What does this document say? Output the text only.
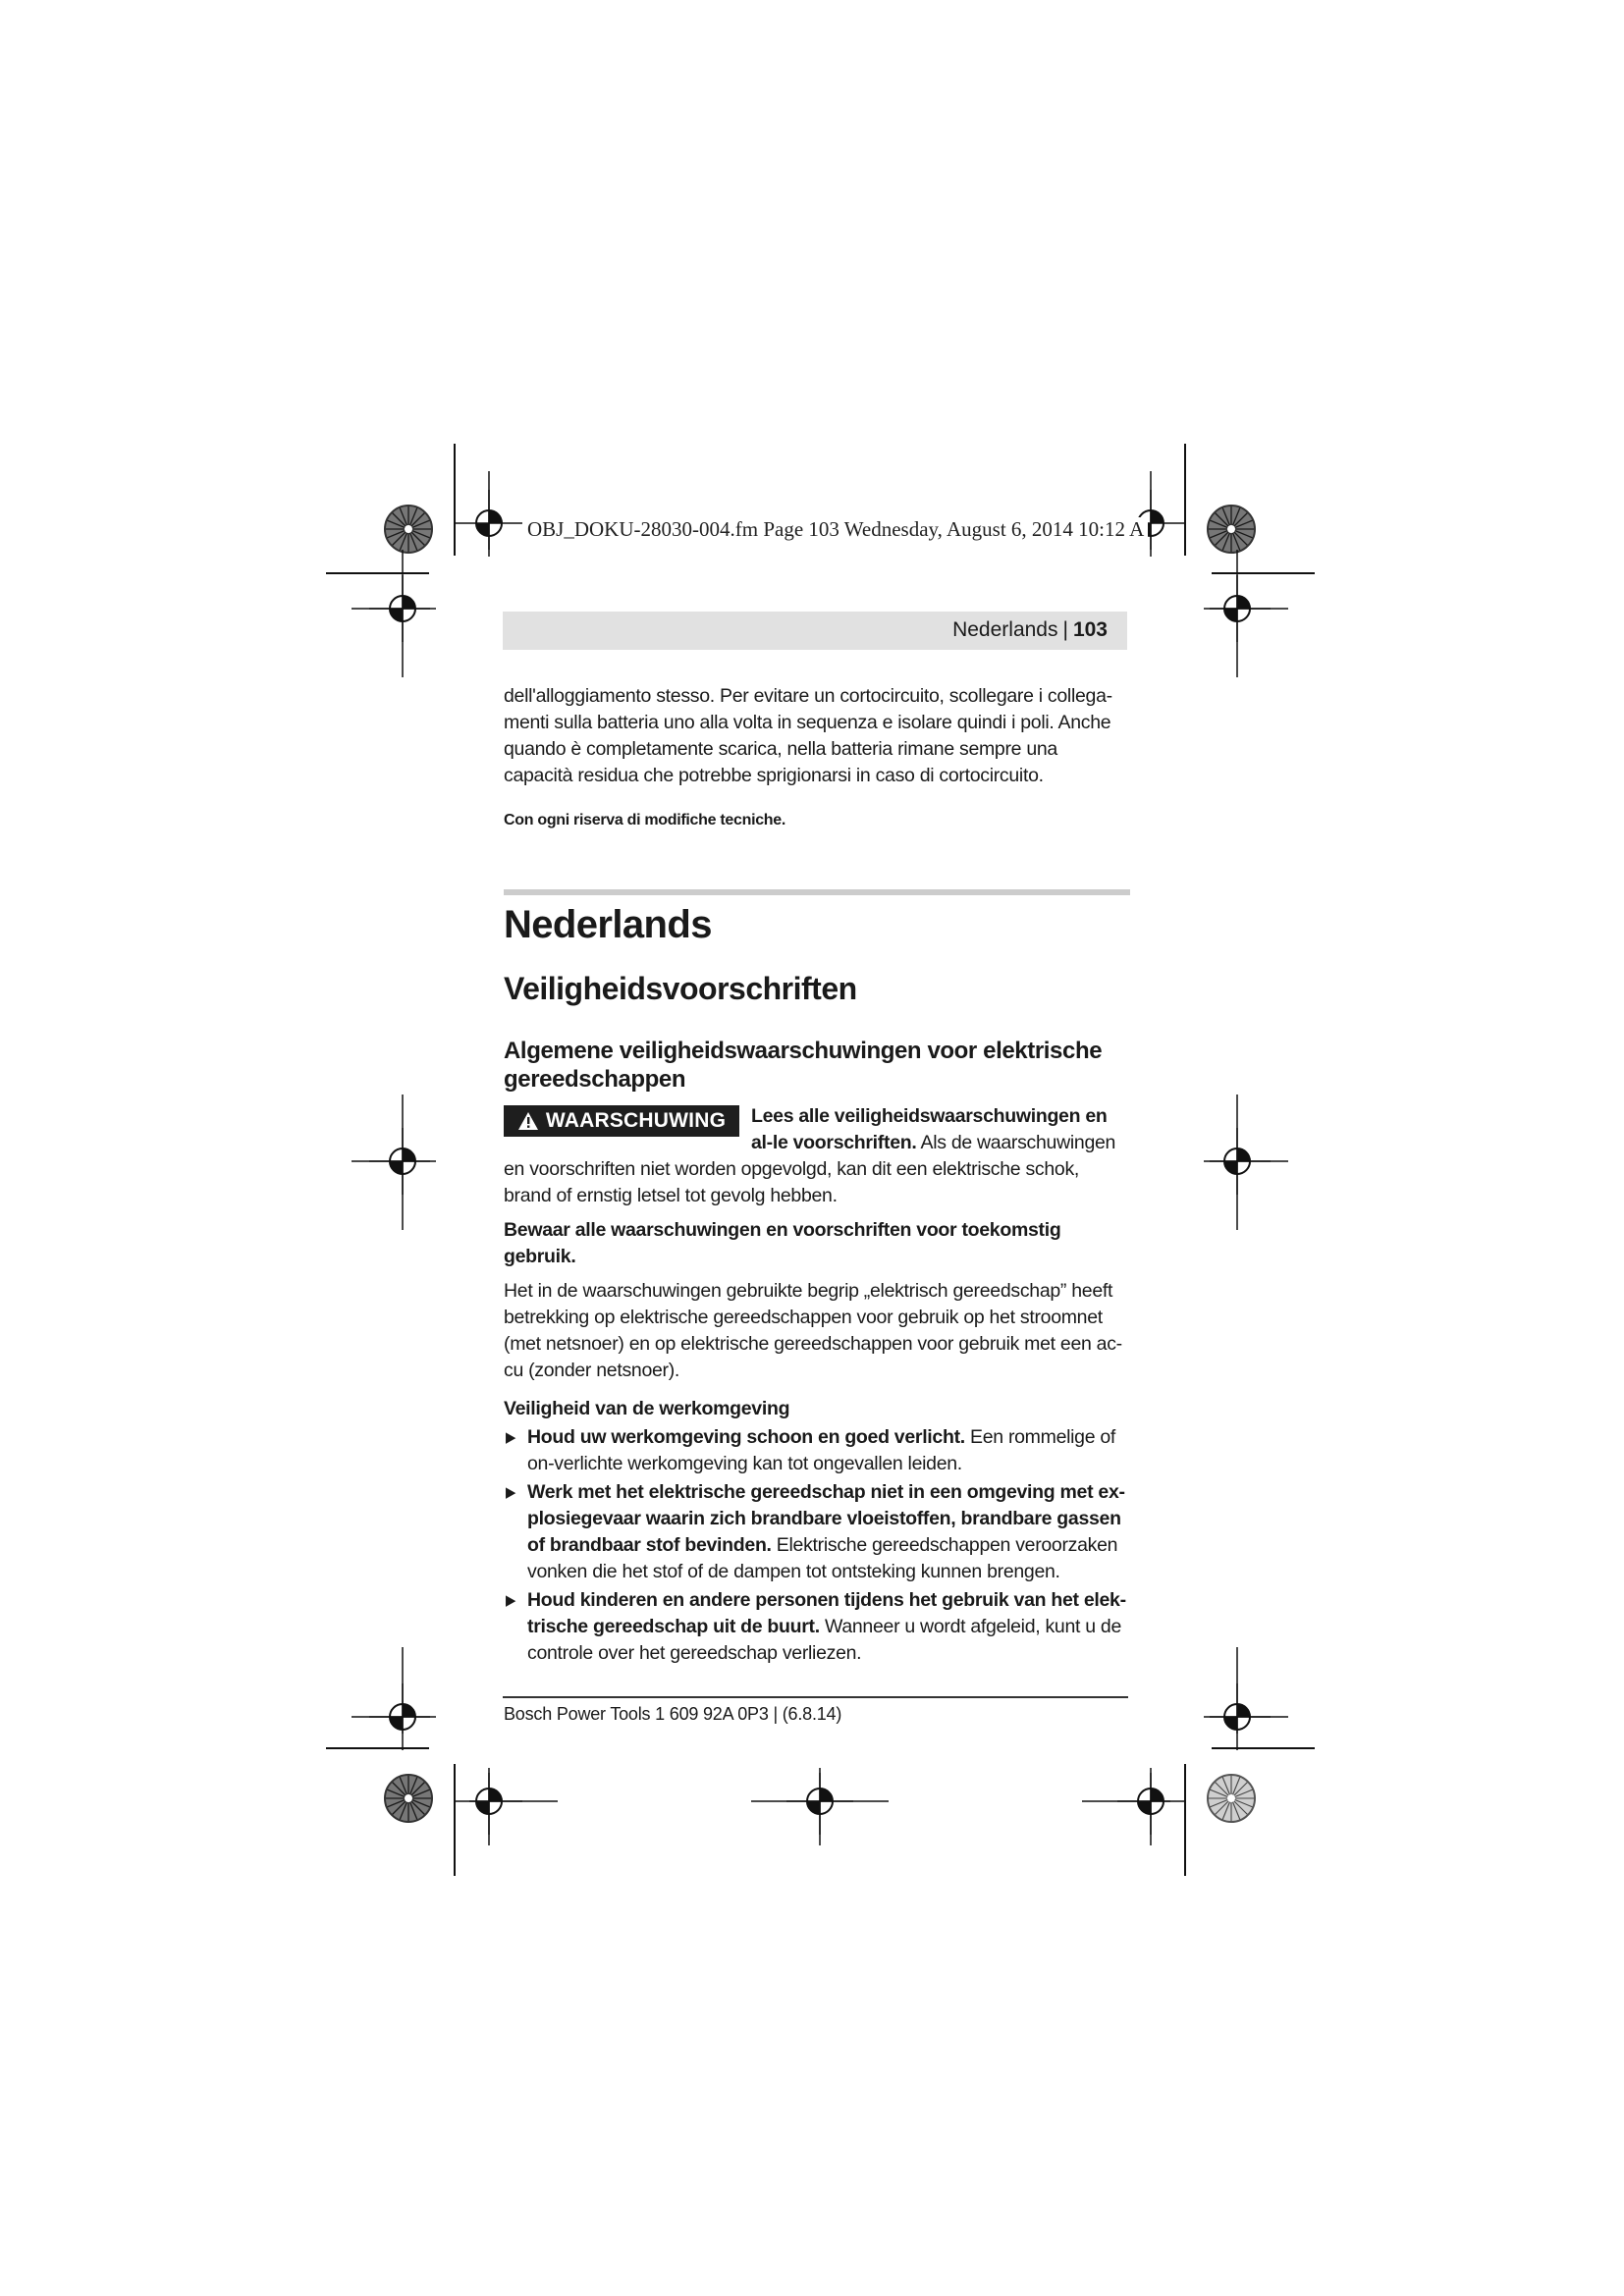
OBJ_DOKU-28030-004.fm Page 103 Wednesday, August 6, 2014 10:12 A
Nederlands | 103

dell'alloggiamento stesso. Per evitare un cortocircuito, scollegare i collega-menti sulla batteria uno alla volta in sequenza e isolare quindi i poli. Anche quando è completamente scarica, nella batteria rimane sempre una capacità residua che potrebbe sprigionarsi in caso di cortocircuito.

Con ogni riserva di modifiche tecniche.

Nederlands
Veiligheidsvoorschriften
Algemene veiligheidswaarschuwingen voor elektrische gereedschappen
WAARSCHUWING	Lees alle veiligheidswaarschuwingen en al-le voorschriften. Als de waarschuwingen en voorschriften niet worden opgevolgd, kan dit een elektrische schok, brand of ernstig letsel tot gevolg hebben.

Bewaar alle waarschuwingen en voorschriften voor toekomstig gebruik.

Het in de waarschuwingen gebruikte begrip „elektrisch gereedschap” heeft betrekking op elektrische gereedschappen voor gebruik op het stroomnet (met netsnoer) en op elektrische gereedschappen voor gebruik met een ac-cu (zonder netsnoer).

Veiligheid van de werkomgeving

▶ Houd uw werkomgeving schoon en goed verlicht. Een rommelige of on-verlichte werkomgeving kan tot ongevallen leiden.
▶ Werk met het elektrische gereedschap niet in een omgeving met ex-plosiegevaar waarin zich brandbare vloeistoffen, brandbare gassen of brandbaar stof bevinden. Elektrische gereedschappen veroorzaken vonken die het stof of de dampen tot ontsteking kunnen brengen.
▶ Houd kinderen en andere personen tijdens het gebruik van het elek-trische gereedschap uit de buurt. Wanneer u wordt afgeleid, kunt u de controle over het gereedschap verliezen.
Bosch Power Tools 1 609 92A 0P3 | (6.8.14)
